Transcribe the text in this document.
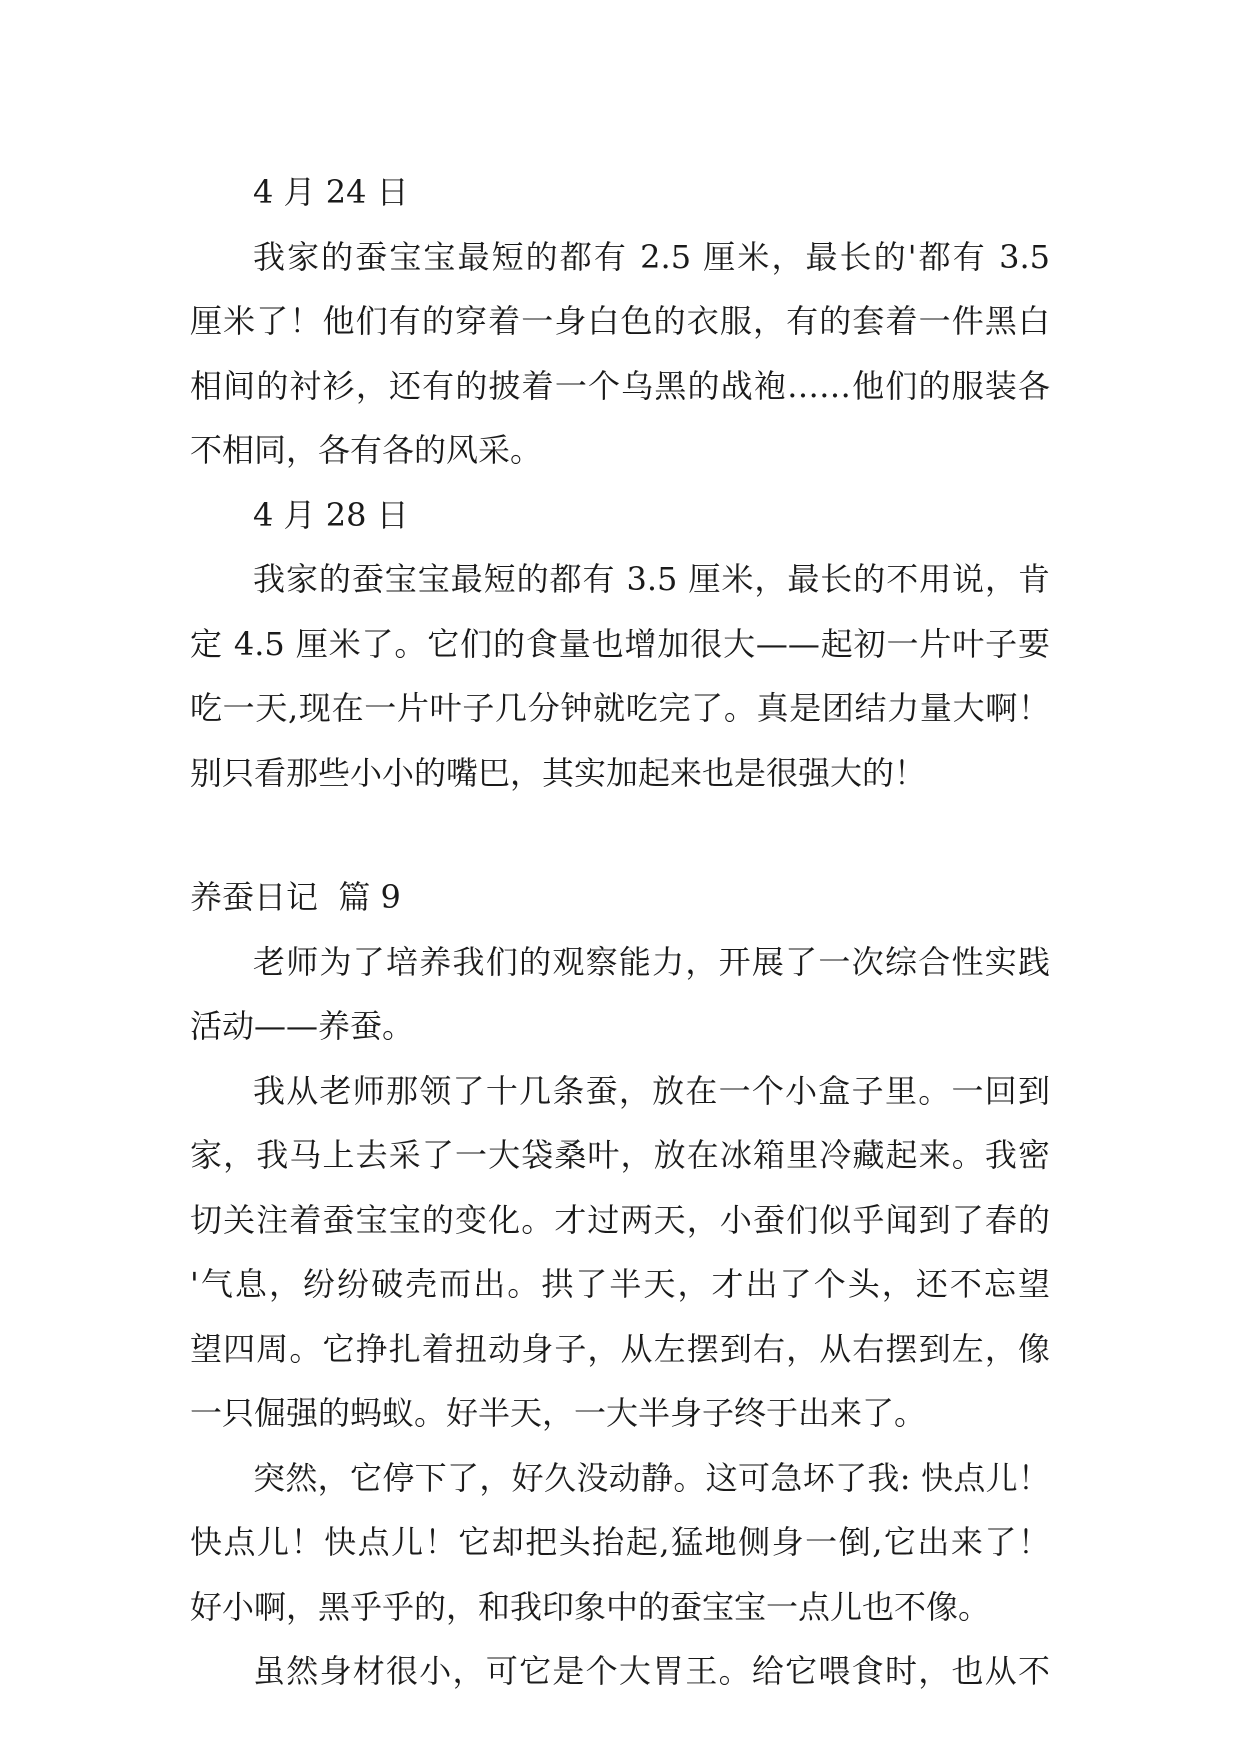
4 月 24 日
我家的蚕宝宝最短的都有 2.5 厘米，最长的'都有 3.5
厘米了！他们有的穿着一身白色的衣服，有的套着一件黑白
相间的衬衫，还有的披着一个乌黑的战袍……他们的服装各
不相同，各有各的风采。
4 月 28 日
我家的蚕宝宝最短的都有 3.5 厘米，最长的不用说，肯
定 4.5 厘米了。它们的食量也增加很大——起初一片叶子要
吃一天,现在一片叶子几分钟就吃完了。真是团结力量大啊！
别只看那些小小的嘴巴，其实加起来也是很强大的！
养蚕日记  篇 9
老师为了培养我们的观察能力，开展了一次综合性实践
活动——养蚕。
我从老师那领了十几条蚕，放在一个小盒子里。一回到
家，我马上去采了一大袋桑叶，放在冰箱里冷藏起来。我密
切关注着蚕宝宝的变化。才过两天，小蚕们似乎闻到了春的
'气息，纷纷破壳而出。拱了半天，才出了个头，还不忘望
望四周。它挣扎着扭动身子，从左摆到右，从右摆到左，像
一只倔强的蚂蚁。好半天，一大半身子终于出来了。
突然，它停下了，好久没动静。这可急坏了我: 快点儿！
快点儿！快点儿！它却把头抬起,猛地侧身一倒,它出来了！
好小啊，黑乎乎的，和我印象中的蚕宝宝一点儿也不像。
虽然身材很小，可它是个大胃王。给它喂食时，也从不
